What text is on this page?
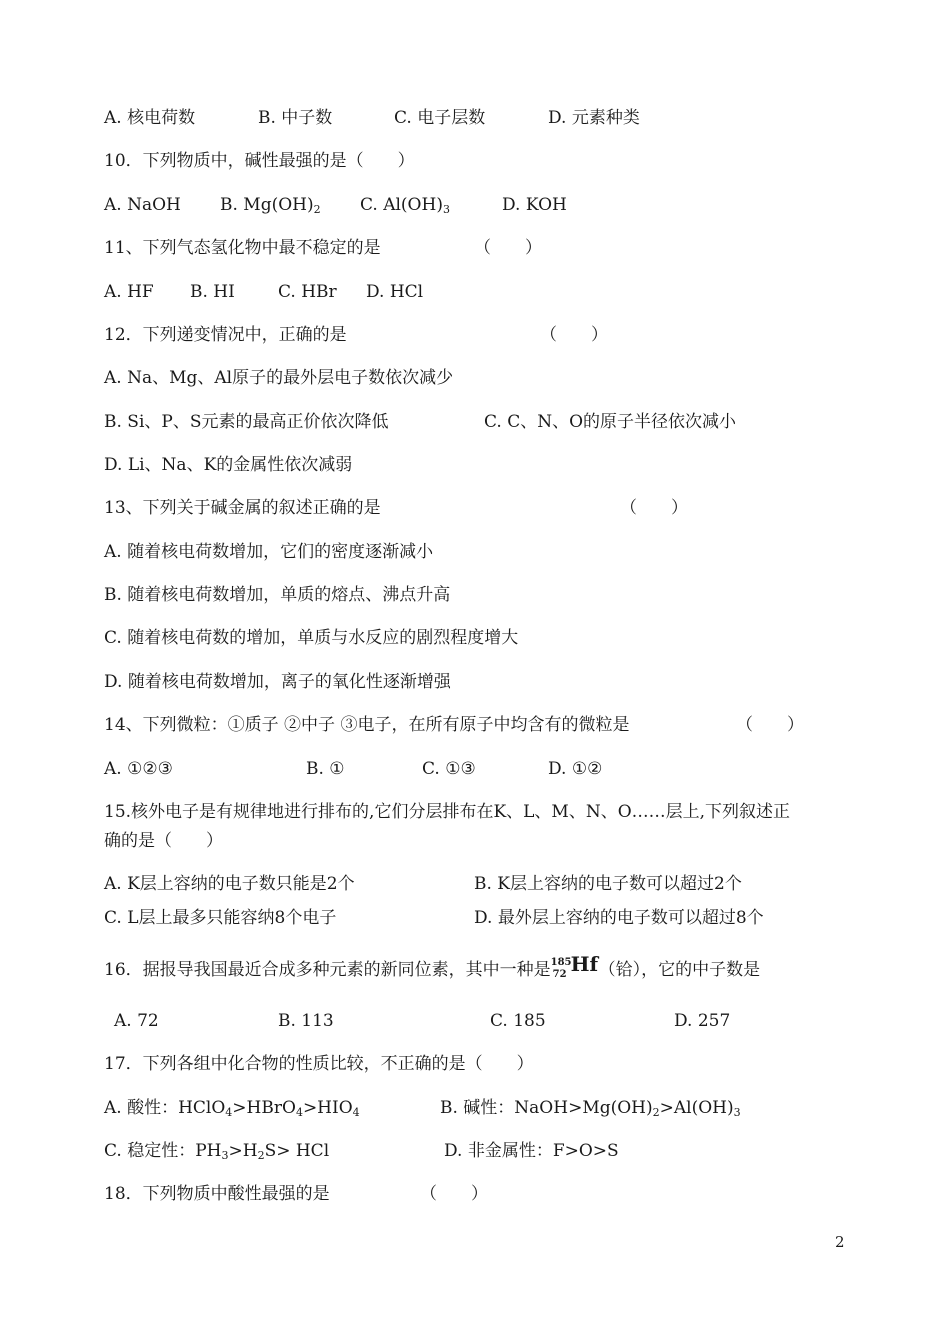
A. 核电荷数	B. 中子数	C. 电子层数	D. 元素种类
10．下列物质中，碱性最强的是（　　）
A. NaOH B. $Mg(OH)_2$ C. $Al(OH)_3$	D. KOH
11、下列气态氢化物中最不稳定的是	（　　）
A. HF B. HI	C. HBr D. HCl
12．下列递变情况中，正确的是	（　　）
A. Na、Mg、Al原子的最外层电子数依次减少
B. Si、P、S元素的最高正价依次降低	C. C、N、O的原子半径依次减小
D. Li、Na、K的金属性依次减弱
13、下列关于碱金属的叙述正确的是	（　　）
A. 随着核电荷数增加，它们的密度逐渐减小
B. 随着核电荷数增加，单质的熔点、沸点升高
C. 随着核电荷数的增加，单质与水反应的剧烈程度增大
D. 随着核电荷数增加，离子的氧化性逐渐增强
14、下列微粒：①质子 ②中子 ③电子，在所有原子中均含有的微粒是	（　　）
A. ①②③	B. ①	C. ①③	D. ①②
15.核外电子是有规律地进行排布的,它们分层排布在K、L、M、N、O……层上,下列叙述正
确的是（　　）
A. K层上容纳的电子数只能是2个	B. K层上容纳的电子数可以超过2个
C. L层上最多只能容纳8个电子	D. 最外层上容纳的电子数可以超过8个
16．据报导我国最近合成多种元素的新同位素，其中一种是 185
72 Hf （铪），它的中子数是
A. 72	B. 113	C. 185	D. 257
17．下列各组中化合物的性质比较，不正确的是（　　）
A. 酸性：$HClO_4>HBrO_4>HIO_4$	B. 碱性：$NaOH>Mg(OH)_2>Al(OH)_3$
C. 稳定性：$PH_3>H_2S>$ HCl	D. 非金属性：F>O>S
18．下列物质中酸性最强的是	（　　）
2
